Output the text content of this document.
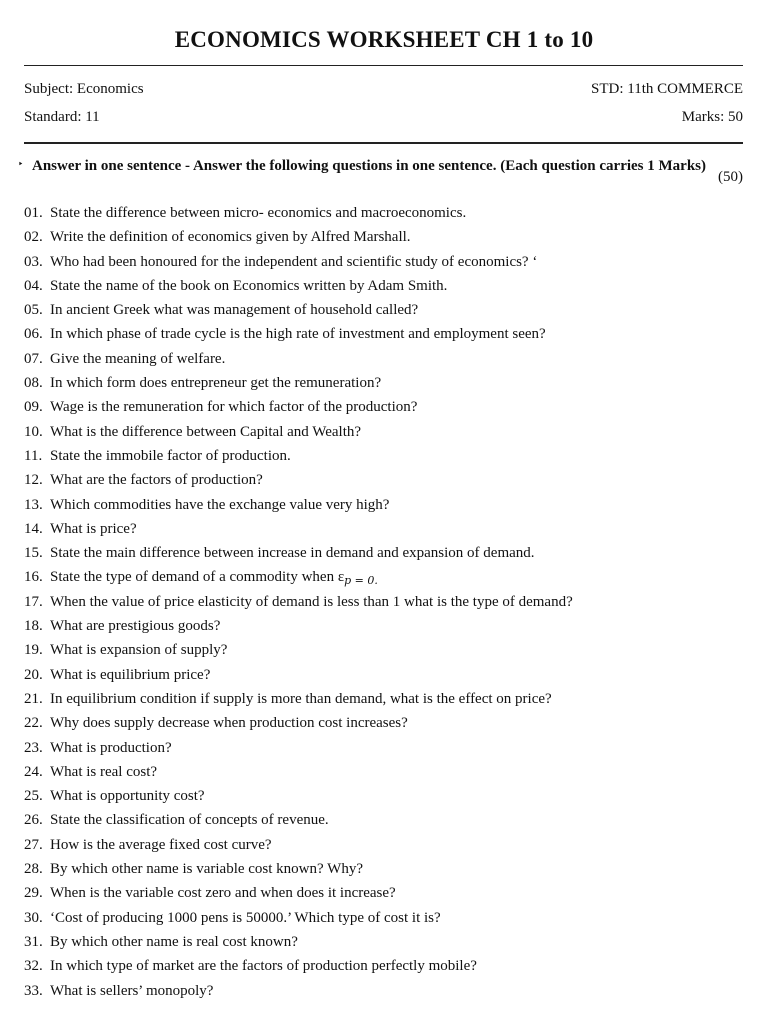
ECONOMICS WORKSHEET CH 1 to 10
Subject: Economics	STD: 11th COMMERCE
Standard: 11	Marks: 50
‣ Answer in one sentence - Answer the following questions in one sentence. (Each question carries 1 Marks)
(50)
01. State the difference between micro- economics and macroeconomics.
02. Write the definition of economics given by Alfred Marshall.
03. Who had been honoured for the independent and scientific study of economics? ‘
04. State the name of the book on Economics written by Adam Smith.
05. In ancient Greek what was management of household called?
06. In which phase of trade cycle is the high rate of investment and employment seen?
07. Give the meaning of welfare.
08. In which form does entrepreneur get the remuneration?
09. Wage is the remuneration for which factor of the production?
10. What is the difference between Capital and Wealth?
11. State the immobile factor of production.
12. What are the factors of production?
13. Which commodities have the exchange value very high?
14. What is price?
15. State the main difference between increase in demand and expansion of demand.
16. State the type of demand of a commodity when $\varepsilon_{p = 0.}$
17. When the value of price elasticity of demand is less than 1 what is the type of demand?
18. What are prestigious goods?
19. What is expansion of supply?
20. What is equilibrium price?
21. In equilibrium condition if supply is more than demand, what is the effect on price?
22. Why does supply decrease when production cost increases?
23. What is production?
24. What is real cost?
25. What is opportunity cost?
26. State the classification of concepts of revenue.
27. How is the average fixed cost curve?
28. By which other name is variable cost known? Why?
29. When is the variable cost zero and when does it increase?
30. ‘Cost of producing 1000 pens is 50000.’ Which type of cost it is?
31. By which other name is real cost known?
32. In which type of market are the factors of production perfectly mobile?
33. What is sellers’ monopoly?
